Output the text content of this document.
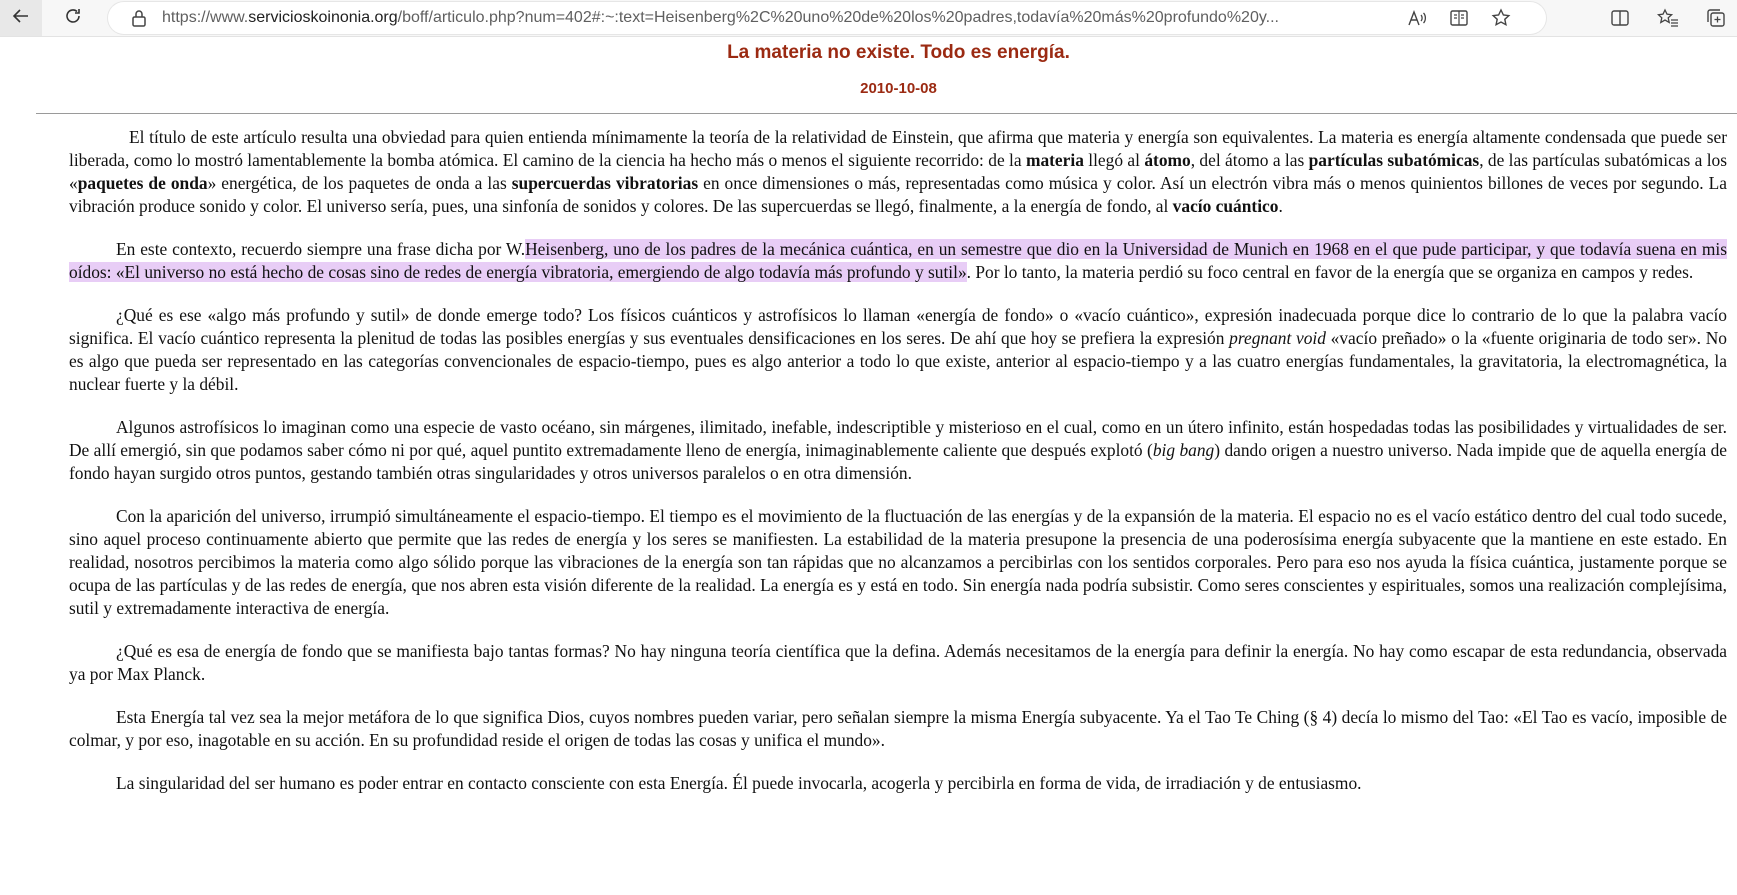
https://www.servicioskoinonia.org/boff/articulo.php?num=402#:~:text=Heisenberg%2C%20uno%20de%20los%20padres,todavía%20más%20profundo%20y...
La materia no existe. Todo es energía.
2010-10-08

El título de este artículo resulta una obviedad para quien entienda mínimamente la teoría de la relatividad de Einstein, que afirma que materia y energía son equivalentes. La materia es energía altamente condensada que puede ser liberada, como lo mostró lamentablemente la bomba atómica. El camino de la ciencia ha hecho más o menos el siguiente recorrido: de la materia llegó al átomo, del átomo a las partículas subatómicas, de las partículas subatómicas a los «paquetes de onda» energética, de los paquetes de onda a las supercuerdas vibratorias en once dimensiones o más, representadas como música y color. Así un electrón vibra más o menos quinientos billones de veces por segundo. La vibración produce sonido y color. El universo sería, pues, una sinfonía de sonidos y colores. De las supercuerdas se llegó, finalmente, a la energía de fondo, al vacío cuántico.

En este contexto, recuerdo siempre una frase dicha por W.Heisenberg, uno de los padres de la mecánica cuántica, en un semestre que dio en la Universidad de Munich en 1968 en el que pude participar, y que todavía suena en mis oídos: «El universo no está hecho de cosas sino de redes de energía vibratoria, emergiendo de algo todavía más profundo y sutil». Por lo tanto, la materia perdió su foco central en favor de la energía que se organiza en campos y redes.

¿Qué es ese «algo más profundo y sutil» de donde emerge todo? Los físicos cuánticos y astrofísicos lo llaman «energía de fondo» o «vacío cuántico», expresión inadecuada porque dice lo contrario de lo que la palabra vacío significa. El vacío cuántico representa la plenitud de todas las posibles energías y sus eventuales densificaciones en los seres. De ahí que hoy se prefiera la expresión pregnant void «vacío preñado» o la «fuente originaria de todo ser». No es algo que pueda ser representado en las categorías convencionales de espacio-tiempo, pues es algo anterior a todo lo que existe, anterior al espacio-tiempo y a las cuatro energías fundamentales, la gravitatoria, la electromagnética, la nuclear fuerte y la débil.

Algunos astrofísicos lo imaginan como una especie de vasto océano, sin márgenes, ilimitado, inefable, indescriptible y misterioso en el cual, como en un útero infinito, están hospedadas todas las posibilidades y virtualidades de ser. De allí emergió, sin que podamos saber cómo ni por qué, aquel puntito extremadamente lleno de energía, inimaginablemente caliente que después explotó (big bang) dando origen a nuestro universo. Nada impide que de aquella energía de fondo hayan surgido otros puntos, gestando también otras singularidades y otros universos paralelos o en otra dimensión.

Con la aparición del universo, irrumpió simultáneamente el espacio-tiempo. El tiempo es el movimiento de la fluctuación de las energías y de la expansión de la materia. El espacio no es el vacío estático dentro del cual todo sucede, sino aquel proceso continuamente abierto que permite que las redes de energía y los seres se manifiesten. La estabilidad de la materia presupone la presencia de una poderosísima energía subyacente que la mantiene en este estado. En realidad, nosotros percibimos la materia como algo sólido porque las vibraciones de la energía son tan rápidas que no alcanzamos a percibirlas con los sentidos corporales. Pero para eso nos ayuda la física cuántica, justamente porque se ocupa de las partículas y de las redes de energía, que nos abren esta visión diferente de la realidad. La energía es y está en todo. Sin energía nada podría subsistir. Como seres conscientes y espirituales, somos una realización complejísima, sutil y extremadamente interactiva de energía.

¿Qué es esa de energía de fondo que se manifiesta bajo tantas formas? No hay ninguna teoría científica que la defina. Además necesitamos de la energía para definir la energía. No hay como escapar de esta redundancia, observada ya por Max Planck.

Esta Energía tal vez sea la mejor metáfora de lo que significa Dios, cuyos nombres pueden variar, pero señalan siempre la misma Energía subyacente. Ya el Tao Te Ching (§ 4) decía lo mismo del Tao: «El Tao es vacío, imposible de colmar, y por eso, inagotable en su acción. En su profundidad reside el origen de todas las cosas y unifica el mundo».

La singularidad del ser humano es poder entrar en contacto consciente con esta Energía. Él puede invocarla, acogerla y percibirla en forma de vida, de irradiación y de entusiasmo.
